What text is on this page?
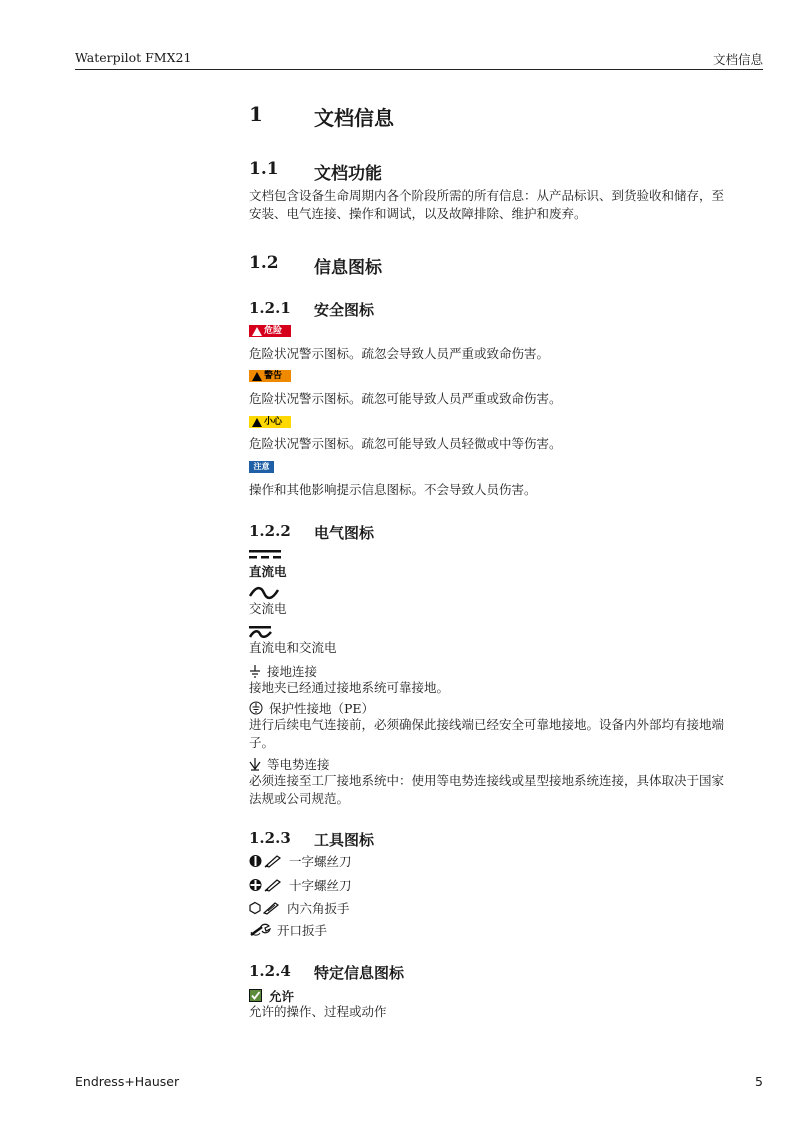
Waterpilot FMX21	文档信息
1	文档信息
1.1 文档功能
文档包含设备生命周期内各个阶段所需的所有信息：从产品标识、到货验收和储存，至
安装、电气连接、操作和调试，以及故障排除、维护和废弃。
1.2 信息图标
1.2.1 安全图标
危险
危险状况警示图标。疏忽会导致人员严重或致命伤害。
警告
危险状况警示图标。疏忽可能导致人员严重或致命伤害。
小心
危险状况警示图标。疏忽可能导致人员轻微或中等伤害。
注意
操作和其他影响提示信息图标。不会导致人员伤害。
1.2.2 电气图标
直流电
交流电
直流电和交流电
接地连接
接地夹已经通过接地系统可靠接地。
保护性接地（PE）
进行后续电气连接前，必须确保此接线端已经安全可靠地接地。设备内外部均有接地端
子。
等电势连接
必须连接至工厂接地系统中：使用等电势连接线或星型接地系统连接，具体取决于国家
法规或公司规范。
1.2.3 工具图标
一字螺丝刀
十字螺丝刀
内六角扳手
开口扳手
1.2.4 特定信息图标
允许
允许的操作、过程或动作
Endress+Hauser	5
